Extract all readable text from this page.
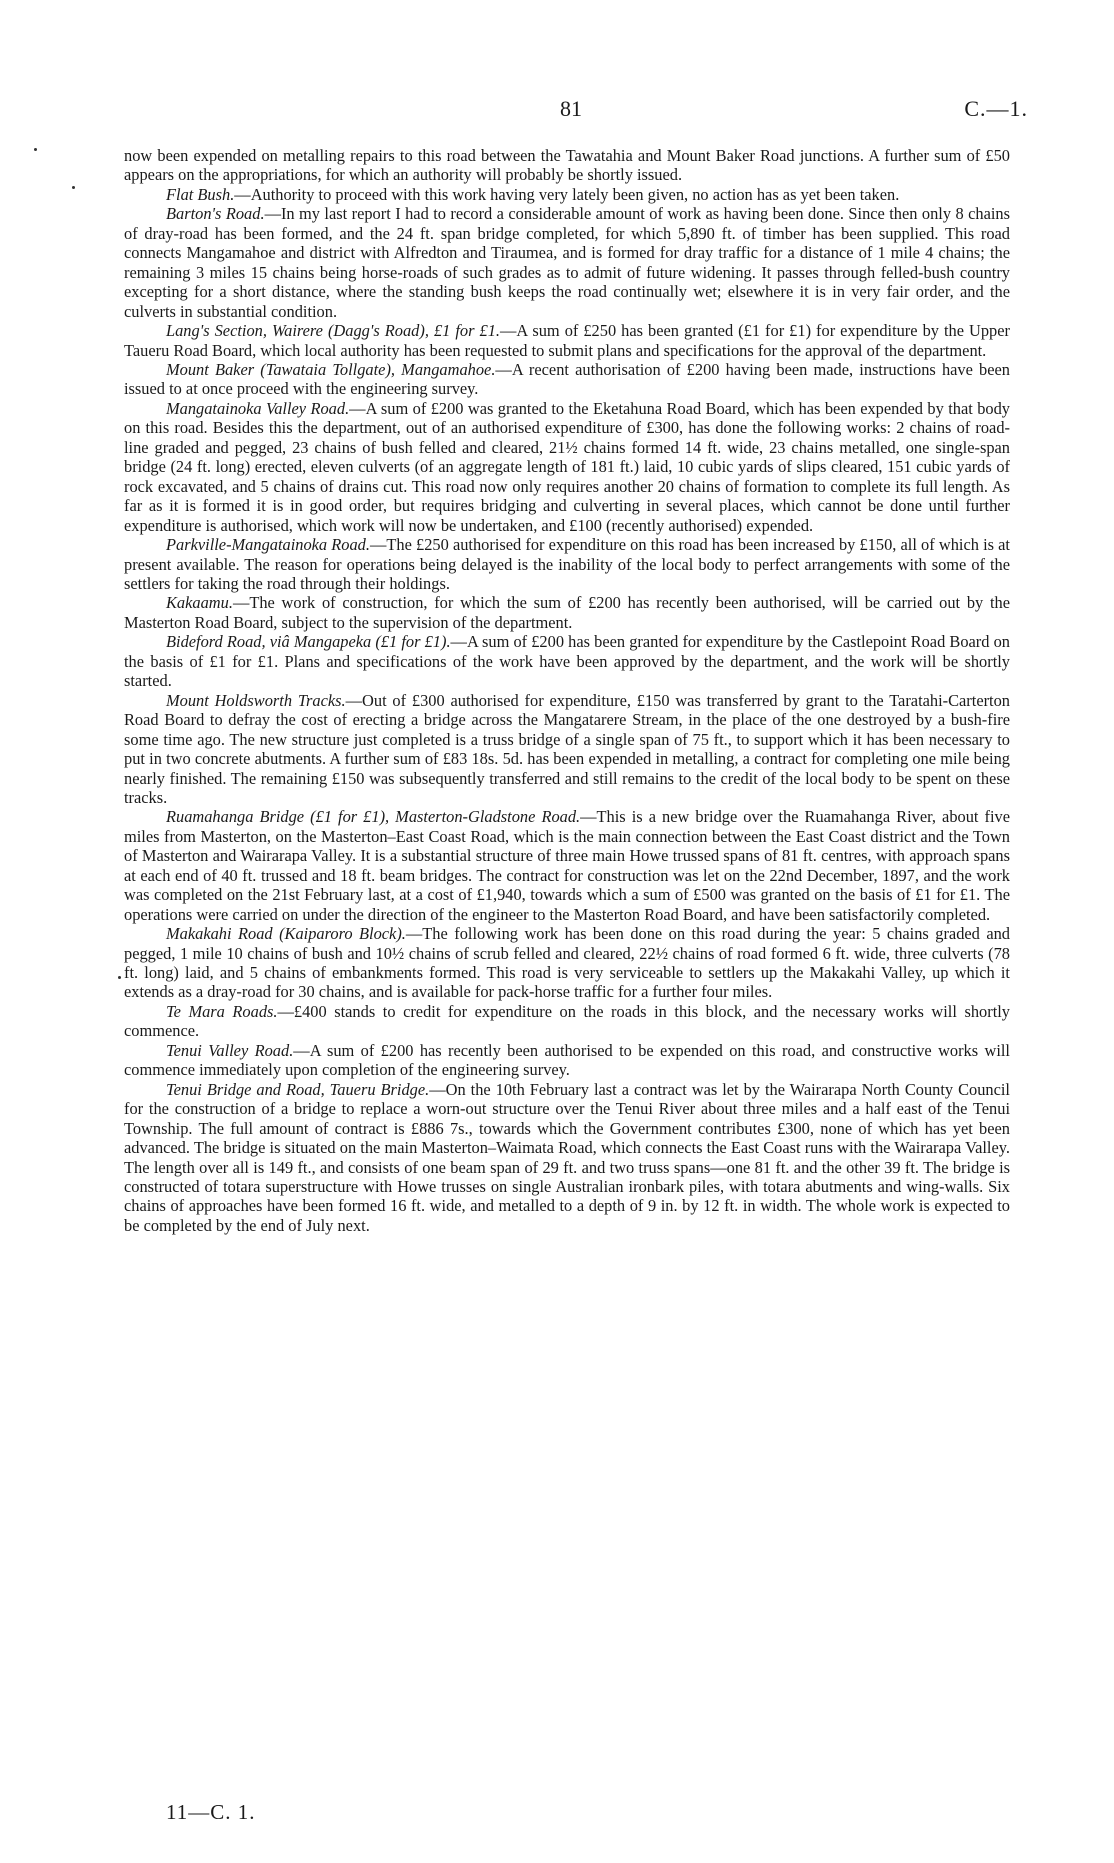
81	C.—1.

now been expended on metalling repairs to this road between the Tawatahia and Mount Baker Road junctions. A further sum of £50 appears on the appropriations, for which an authority will probably be shortly issued.

Flat Bush.—Authority to proceed with this work having very lately been given, no action has as yet been taken.

Barton's Road.—In my last report I had to record a considerable amount of work as having been done. Since then only 8 chains of dray-road has been formed, and the 24 ft. span bridge completed, for which 5,890 ft. of timber has been supplied. This road connects Mangamahoe and district with Alfredton and Tiraumea, and is formed for dray traffic for a distance of 1 mile 4 chains; the remaining 3 miles 15 chains being horse-roads of such grades as to admit of future widening. It passes through felled-bush country excepting for a short distance, where the standing bush keeps the road continually wet; elsewhere it is in very fair order, and the culverts in substantial condition.

Lang's Section, Wairere (Dagg's Road), £1 for £1.—A sum of £250 has been granted (£1 for £1) for expenditure by the Upper Taueru Road Board, which local authority has been requested to submit plans and specifications for the approval of the department.

Mount Baker (Tawataia Tollgate), Mangamahoe.—A recent authorisation of £200 having been made, instructions have been issued to at once proceed with the engineering survey.

Mangatainoka Valley Road.—A sum of £200 was granted to the Eketahuna Road Board, which has been expended by that body on this road. Besides this the department, out of an authorised expenditure of £300, has done the following works: 2 chains of road-line graded and pegged, 23 chains of bush felled and cleared, 21½ chains formed 14 ft. wide, 23 chains metalled, one single-span bridge (24 ft. long) erected, eleven culverts (of an aggregate length of 181 ft.) laid, 10 cubic yards of slips cleared, 151 cubic yards of rock excavated, and 5 chains of drains cut. This road now only requires another 20 chains of formation to complete its full length. As far as it is formed it is in good order, but requires bridging and culverting in several places, which cannot be done until further expenditure is authorised, which work will now be undertaken, and £100 (recently authorised) expended.

Parkville-Mangatainoka Road.—The £250 authorised for expenditure on this road has been increased by £150, all of which is at present available. The reason for operations being delayed is the inability of the local body to perfect arrangements with some of the settlers for taking the road through their holdings.

Kakaamu.—The work of construction, for which the sum of £200 has recently been authorised, will be carried out by the Masterton Road Board, subject to the supervision of the department.

Bideford Road, viâ Mangapeka (£1 for £1).—A sum of £200 has been granted for expenditure by the Castlepoint Road Board on the basis of £1 for £1. Plans and specifications of the work have been approved by the department, and the work will be shortly started.

Mount Holdsworth Tracks.—Out of £300 authorised for expenditure, £150 was transferred by grant to the Taratahi-Carterton Road Board to defray the cost of erecting a bridge across the Mangatarere Stream, in the place of the one destroyed by a bush-fire some time ago. The new structure just completed is a truss bridge of a single span of 75 ft., to support which it has been necessary to put in two concrete abutments. A further sum of £83 18s. 5d. has been expended in metalling, a contract for completing one mile being nearly finished. The remaining £150 was subsequently transferred and still remains to the credit of the local body to be spent on these tracks.

Ruamahanga Bridge (£1 for £1), Masterton-Gladstone Road.—This is a new bridge over the Ruamahanga River, about five miles from Masterton, on the Masterton–East Coast Road, which is the main connection between the East Coast district and the Town of Masterton and Wairarapa Valley. It is a substantial structure of three main Howe trussed spans of 81 ft. centres, with approach spans at each end of 40 ft. trussed and 18 ft. beam bridges. The contract for construction was let on the 22nd December, 1897, and the work was completed on the 21st February last, at a cost of £1,940, towards which a sum of £500 was granted on the basis of £1 for £1. The operations were carried on under the direction of the engineer to the Masterton Road Board, and have been satisfactorily completed.

Makakahi Road (Kaiparoro Block).—The following work has been done on this road during the year: 5 chains graded and pegged, 1 mile 10 chains of bush and 10½ chains of scrub felled and cleared, 22½ chains of road formed 6 ft. wide, three culverts (78 ft. long) laid, and 5 chains of embankments formed. This road is very serviceable to settlers up the Makakahi Valley, up which it extends as a dray-road for 30 chains, and is available for pack-horse traffic for a further four miles.

Te Mara Roads.—£400 stands to credit for expenditure on the roads in this block, and the necessary works will shortly commence.

Tenui Valley Road.—A sum of £200 has recently been authorised to be expended on this road, and constructive works will commence immediately upon completion of the engineering survey.

Tenui Bridge and Road, Taueru Bridge.—On the 10th February last a contract was let by the Wairarapa North County Council for the construction of a bridge to replace a worn-out structure over the Tenui River about three miles and a half east of the Tenui Township. The full amount of contract is £886 7s., towards which the Government contributes £300, none of which has yet been advanced. The bridge is situated on the main Masterton–Waimata Road, which connects the East Coast runs with the Wairarapa Valley. The length over all is 149 ft., and consists of one beam span of 29 ft. and two truss spans—one 81 ft. and the other 39 ft. The bridge is constructed of totara superstructure with Howe trusses on single Australian ironbark piles, with totara abutments and wing-walls. Six chains of approaches have been formed 16 ft. wide, and metalled to a depth of 9 in. by 12 ft. in width. The whole work is expected to be completed by the end of July next.

11—C. 1.
